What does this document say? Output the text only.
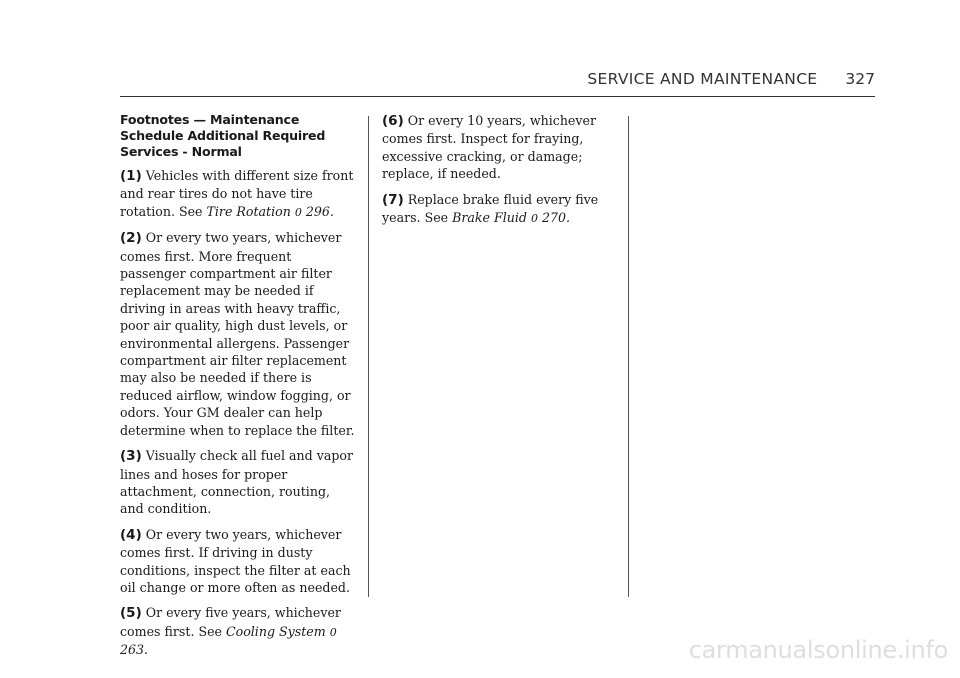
SERVICE AND MAINTENANCE 327
Footnotes — Maintenance Schedule Additional Required Services - Normal

(1) Vehicles with different size front and rear tires do not have tire rotation. See Tire Rotation 0 296.

(2) Or every two years, whichever comes first. More frequent passenger compartment air filter replacement may be needed if driving in areas with heavy traffic, poor air quality, high dust levels, or environmental allergens. Passenger compartment air filter replacement may also be needed if there is reduced airflow, window fogging, or odors. Your GM dealer can help determine when to replace the filter.

(3) Visually check all fuel and vapor lines and hoses for proper attachment, connection, routing, and condition.

(4) Or every two years, whichever comes first. If driving in dusty conditions, inspect the filter at each oil change or more often as needed.

(5) Or every five years, whichever comes first. See Cooling System 0 263.

(6) Or every 10 years, whichever comes first. Inspect for fraying, excessive cracking, or damage; replace, if needed.

(7) Replace brake fluid every five years. See Brake Fluid 0 270.

carmanualsonline.info
